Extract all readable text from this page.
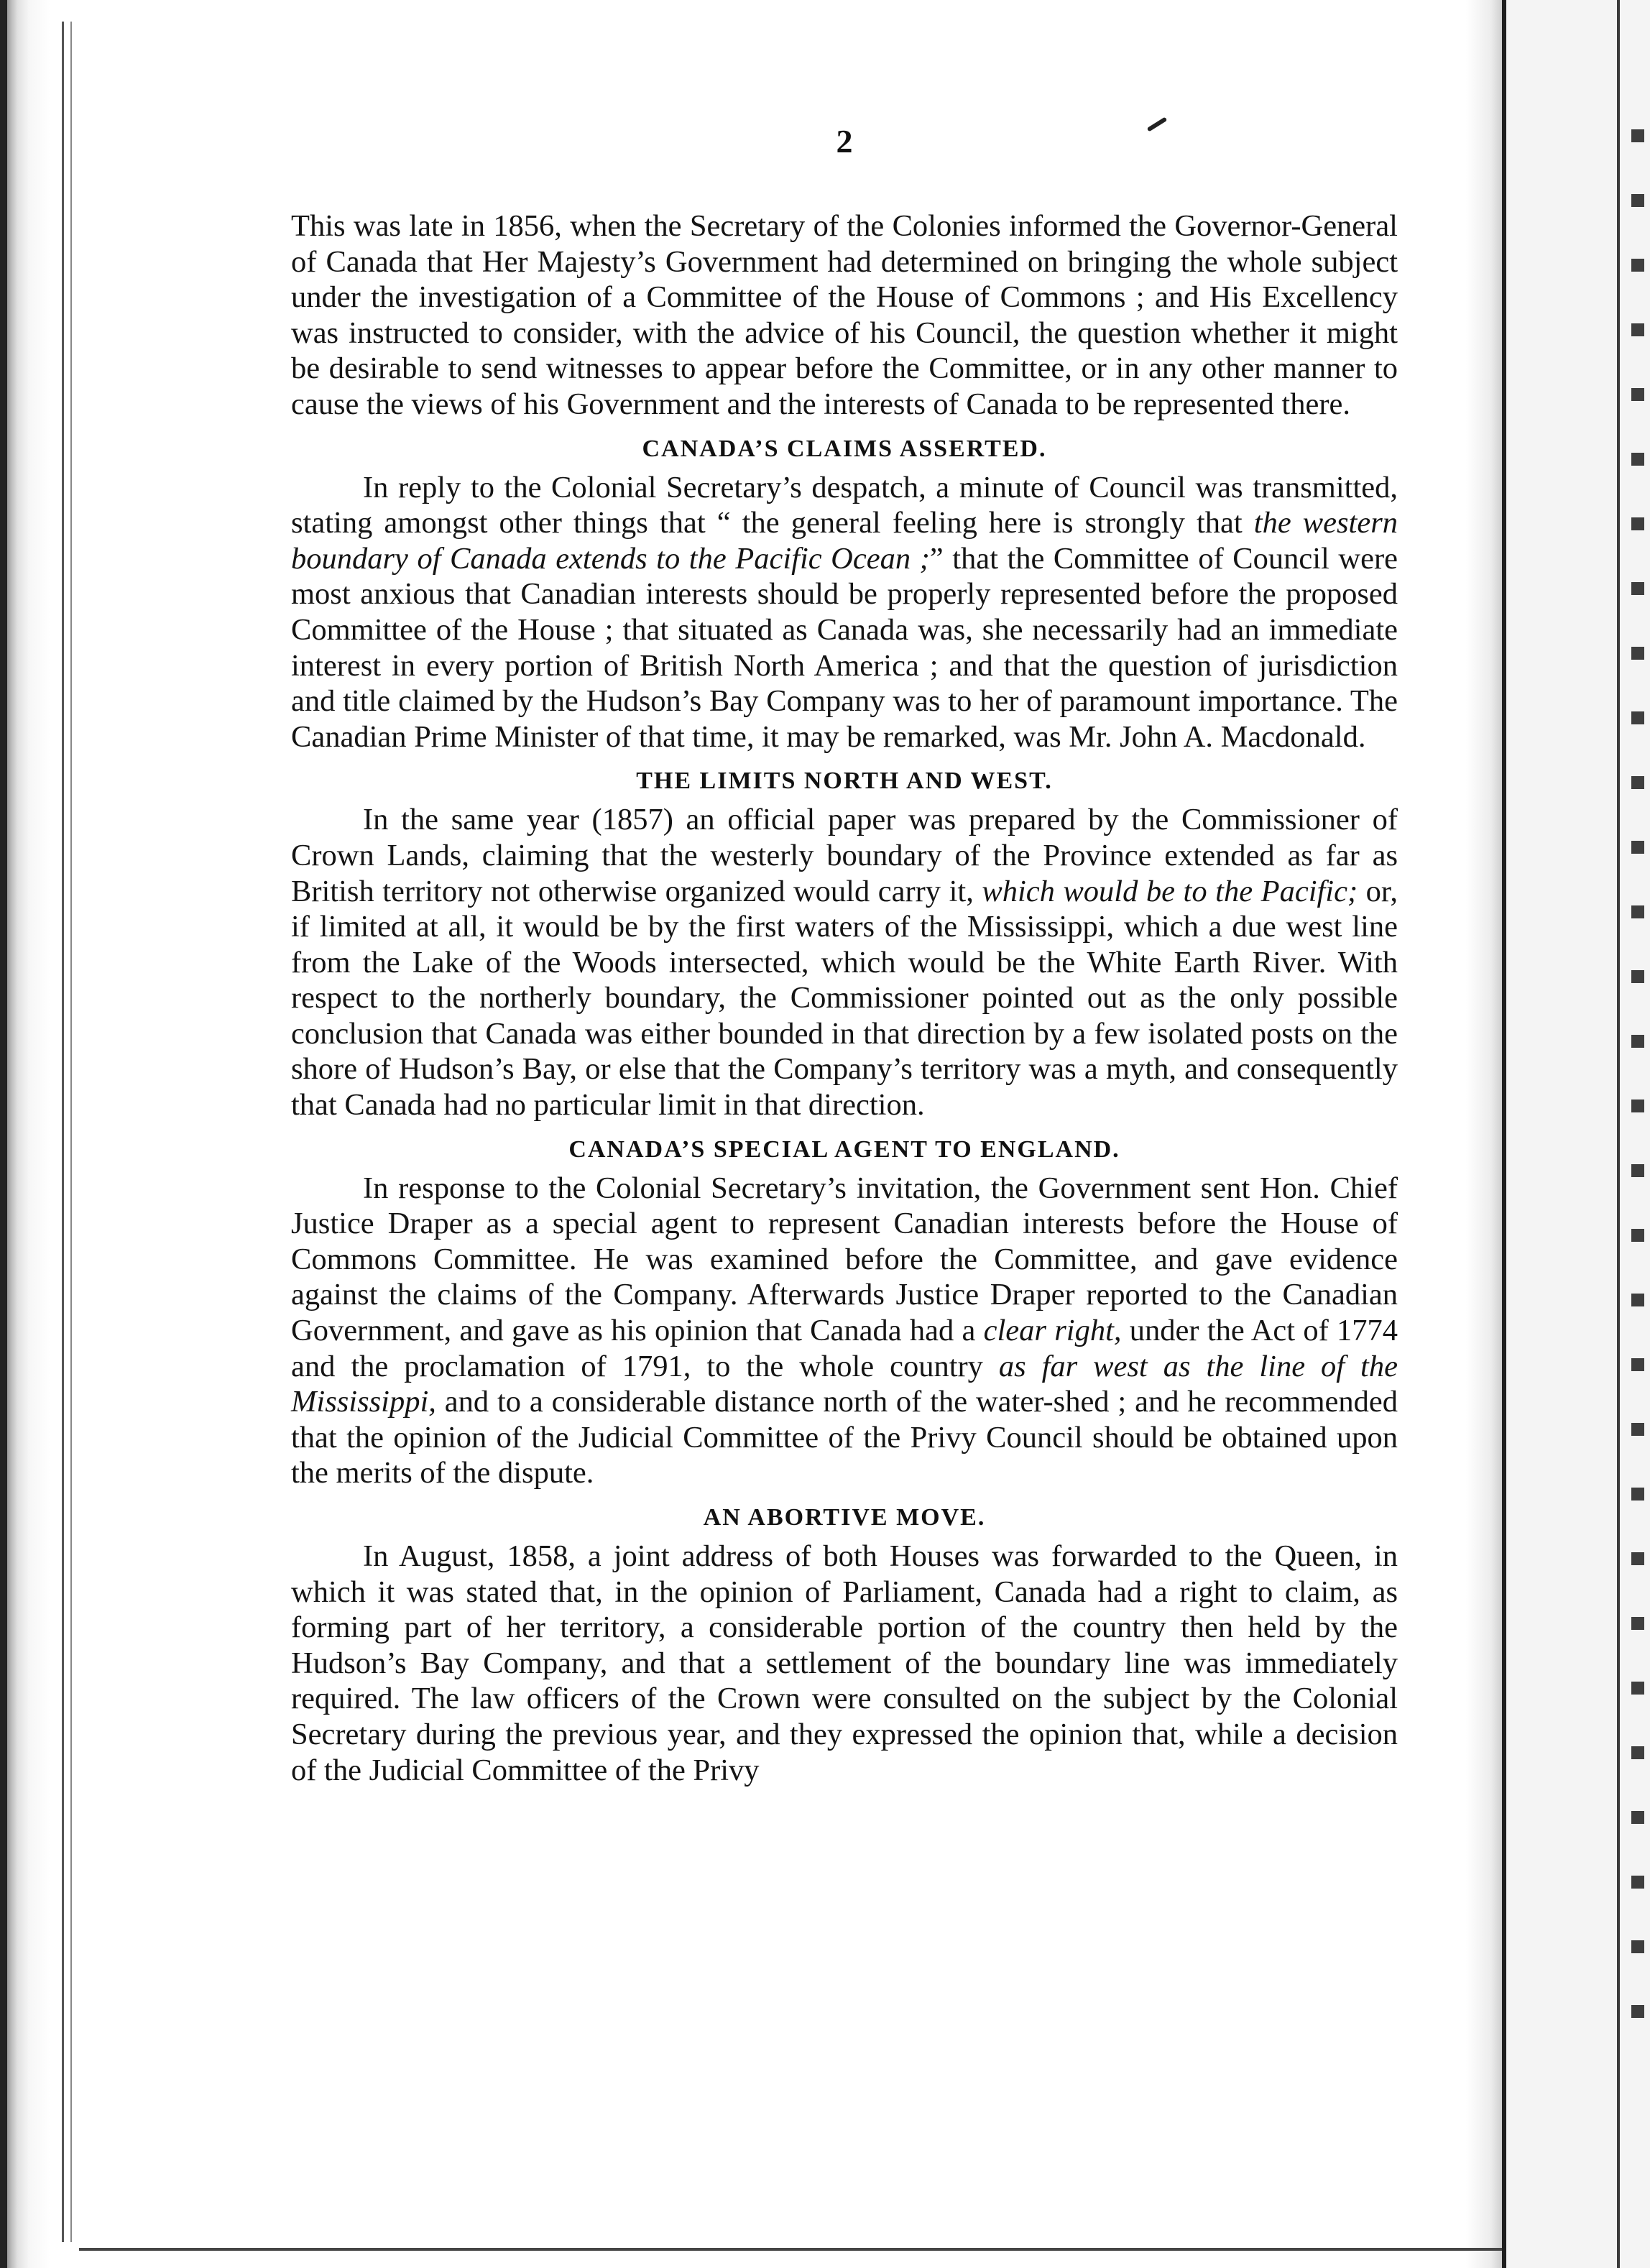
2

This was late in 1856, when the Secretary of the Colonies informed the Governor-General of Canada that Her Majesty’s Government had determined on bringing the whole subject under the investigation of a Committee of the House of Commons ; and His Excellency was instructed to consider, with the advice of his Council, the question whether it might be desirable to send witnesses to appear before the Committee, or in any other manner to cause the views of his Government and the interests of Canada to be represented there.

CANADA’S CLAIMS ASSERTED.

In reply to the Colonial Secretary’s despatch, a minute of Council was transmitted, stating amongst other things that “ the general feeling here is strongly that the western boundary of Canada extends to the Pacific Ocean ;” that the Committee of Council were most anxious that Canadian interests should be properly represented before the proposed Committee of the House ; that situated as Canada was, she necessarily had an immediate interest in every portion of British North America ; and that the question of jurisdiction and title claimed by the Hudson’s Bay Company was to her of paramount importance. The Canadian Prime Minister of that time, it may be remarked, was Mr. John A. Macdonald.

THE LIMITS NORTH AND WEST.

In the same year (1857) an official paper was prepared by the Commissioner of Crown Lands, claiming that the westerly boundary of the Province extended as far as British territory not otherwise organized would carry it, which would be to the Pacific; or, if limited at all, it would be by the first waters of the Mississippi, which a due west line from the Lake of the Woods intersected, which would be the White Earth River. With respect to the northerly boundary, the Commissioner pointed out as the only possible conclusion that Canada was either bounded in that direction by a few isolated posts on the shore of Hudson’s Bay, or else that the Company’s territory was a myth, and consequently that Canada had no particular limit in that direction.

CANADA’S SPECIAL AGENT TO ENGLAND.

In response to the Colonial Secretary’s invitation, the Government sent Hon. Chief Justice Draper as a special agent to represent Canadian interests before the House of Commons Committee. He was examined before the Committee, and gave evidence against the claims of the Company. Afterwards Justice Draper reported to the Canadian Government, and gave as his opinion that Canada had a clear right, under the Act of 1774 and the proclamation of 1791, to the whole country as far west as the line of the Mississippi, and to a considerable distance north of the water-shed ; and he recommended that the opinion of the Judicial Committee of the Privy Council should be obtained upon the merits of the dispute.

AN ABORTIVE MOVE.

In August, 1858, a joint address of both Houses was forwarded to the Queen, in which it was stated that, in the opinion of Parliament, Canada had a right to claim, as forming part of her territory, a considerable portion of the country then held by the Hudson’s Bay Company, and that a settlement of the boundary line was immediately required. The law officers of the Crown were consulted on the subject by the Colonial Secretary during the previous year, and they expressed the opinion that, while a decision of the Judicial Committee of the Privy
